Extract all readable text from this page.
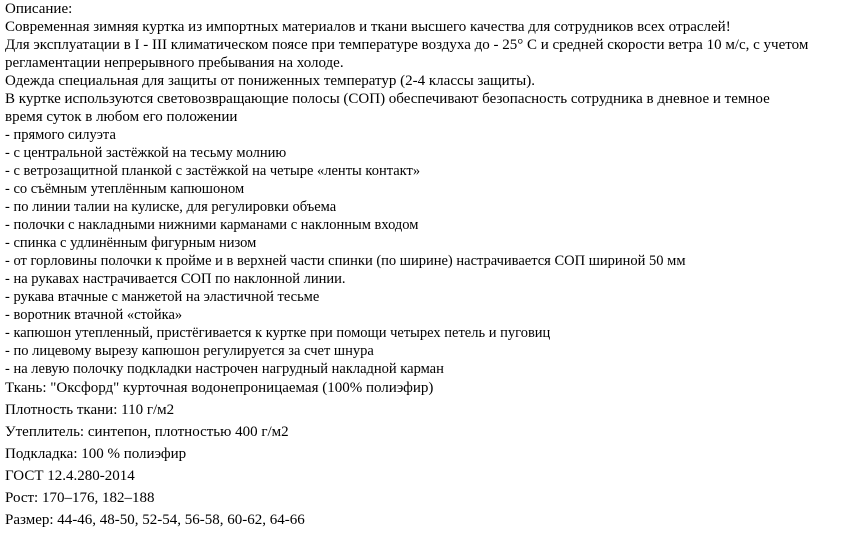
Описание:
Современная зимняя куртка из импортных материалов и ткани высшего качества для сотрудников всех отраслей!
Для эксплуатации в I - III климатическом поясе при температуре воздуха до - 25° С и средней скорости ветра 10 м/с, с учетом
регламентации непрерывного пребывания на холоде.
Одежда специальная для защиты от пониженных температур (2-4 классы защиты).
В куртке используются световозвращающие полосы (СОП) обеспечивают безопасность сотрудника в дневное и темное
время суток в любом его положении
- прямого силуэта
- с центральной застёжкой на тесьму молнию
- с ветрозащитной планкой с застёжкой на четыре «ленты контакт»
- со съёмным утеплённым капюшоном
- по линии талии на кулиске, для регулировки объема
- полочки с накладными нижними карманами с наклонным входом
- спинка с удлинённым фигурным низом
- от горловины полочки к пройме и в верхней части спинки (по ширине) настрачивается СОП шириной 50 мм
- на рукавах настрачивается СОП по наклонной линии.
- рукава втачные с манжетой на эластичной тесьме
- воротник втачной «стойка»
- капюшон утепленный, пристёгивается к куртке при помощи четырех петель и пуговиц
- по лицевому вырезу капюшон регулируется за счет шнура
- на левую полочку подкладки настрочен нагрудный накладной карман
Ткань: "Оксфорд" курточная водонепроницаемая (100% полиэфир)
Плотность ткани: 110 г/м2
Утеплитель: синтепон, плотностью 400 г/м2
Подкладка: 100 % полиэфир
ГОСТ 12.4.280-2014
Рост: 170–176, 182–188
Размер: 44-46, 48-50, 52-54, 56-58, 60-62, 64-66
